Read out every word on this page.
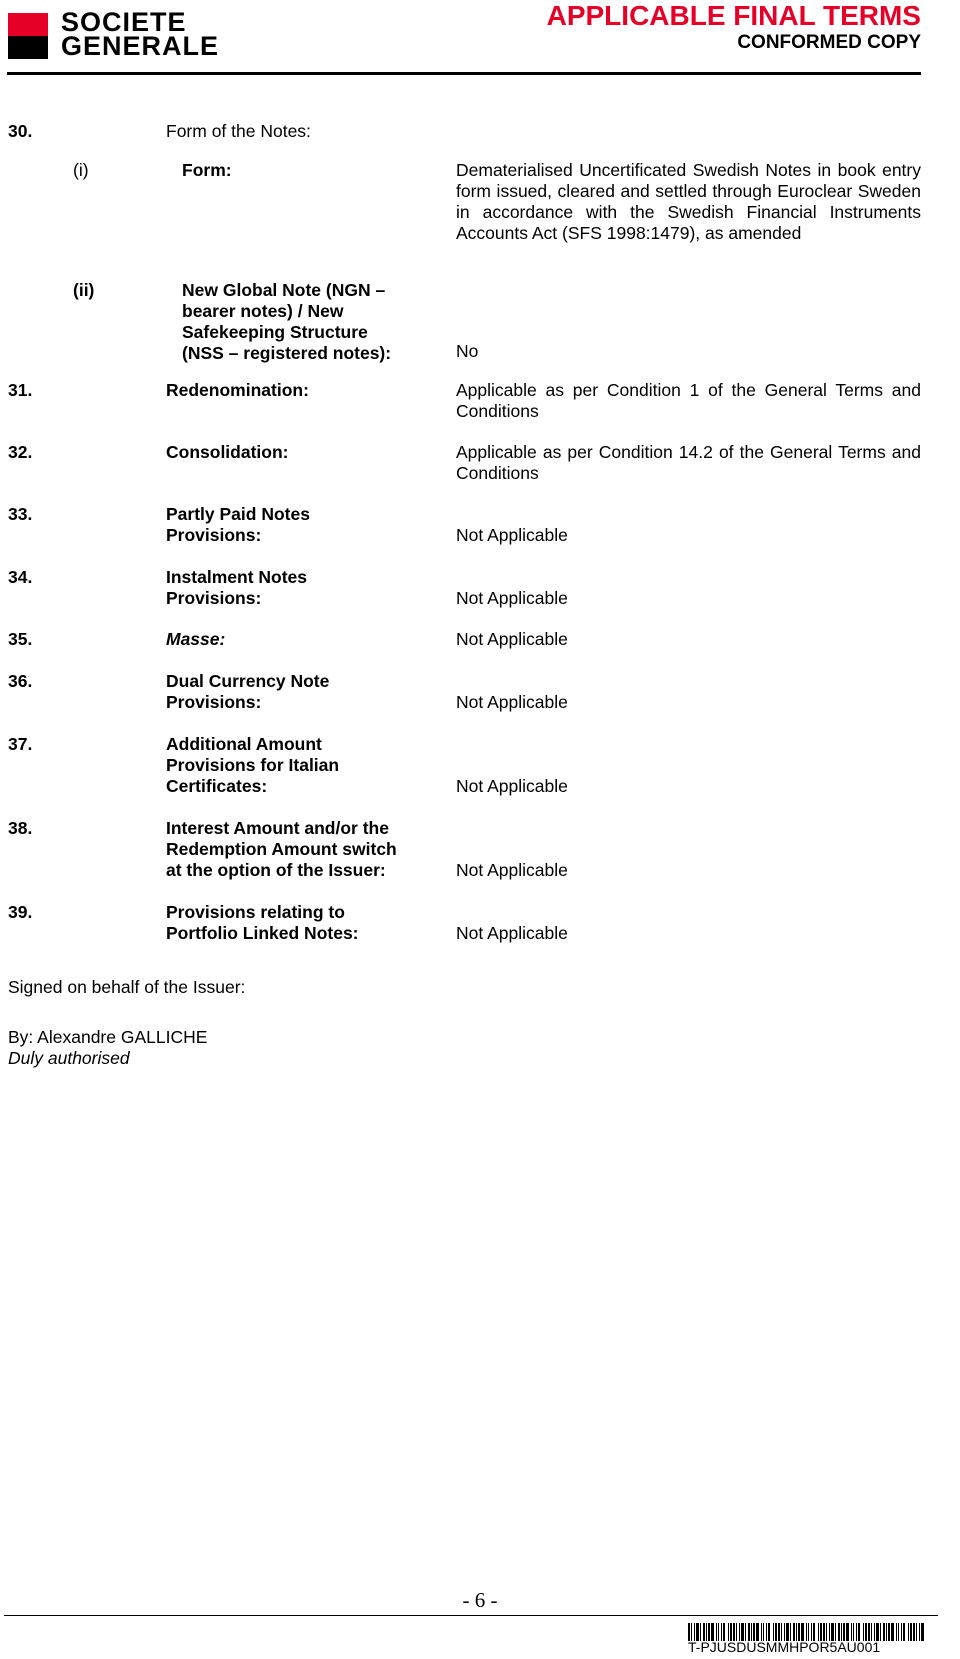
SOCIETE
GENERALE
APPLICABLE FINAL TERMS
CONFORMED COPY
30.	Form of the Notes:
(i)	Form:	Dematerialised Uncertificated Swedish Notes in book entry form issued, cleared and settled through Euroclear Sweden in accordance with the Swedish Financial Instruments Accounts Act (SFS 1998:1479), as amended
(ii)	New Global Note (NGN – bearer notes) / New Safekeeping Structure (NSS – registered notes):	No
31.	Redenomination:	Applicable as per Condition 1 of the General Terms and Conditions
32.	Consolidation:	Applicable as per Condition 14.2 of the General Terms and Conditions
33.	Partly Paid Notes Provisions:	Not Applicable
34.	Instalment Notes Provisions:	Not Applicable
35.	Masse:	Not Applicable
36.	Dual Currency Note Provisions:	Not Applicable
37.	Additional Amount Provisions for Italian Certificates:	Not Applicable
38.	Interest Amount and/or the Redemption Amount switch at the option of the Issuer:	Not Applicable
39.	Provisions relating to Portfolio Linked Notes:	Not Applicable
Signed on behalf of the Issuer:
By: Alexandre GALLICHE
Duly authorised
- 6 -
T-PJUSDUSMMHPOR5AU001
